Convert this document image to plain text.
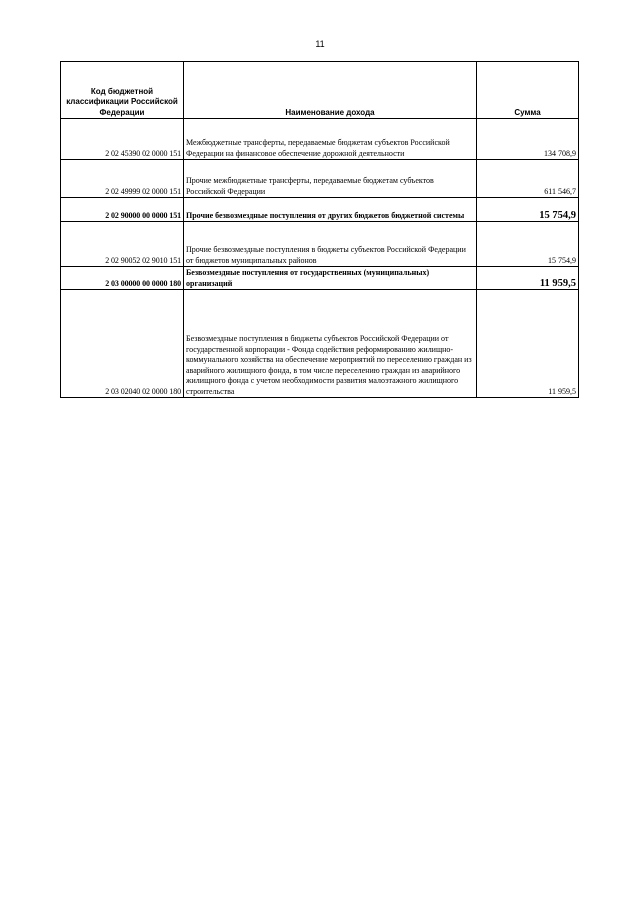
11
Код бюджетной классификации Российской Федерации	Наименование дохода	Сумма
2 02 45390 02 0000 151	Межбюджетные трансферты, передаваемые бюджетам субъектов Российской Федерации на финансовое обеспечение дорожной деятельности	134 708,9
2 02 49999 02 0000 151	Прочие межбюджетные трансферты, передаваемые бюджетам субъектов Российской Федерации	611 546,7
2 02 90000 00 0000 151	Прочие безвозмездные поступления от других бюджетов бюджетной системы	15 754,9
2 02 90052 02 9010 151	Прочие безвозмездные поступления в бюджеты субъектов Российской Федерации от бюджетов муниципальных районов	15 754,9
2 03 00000 00 0000 180	Безвозмездные поступления от государственных (муниципальных) организаций	11 959,5
2 03 02040 02 0000 180	Безвозмездные поступления в бюджеты субъектов Российской Федерации от государственной корпорации - Фонда содействия реформированию жилищно-коммунального хозяйства на обеспечение мероприятий по переселению граждан из аварийного жилищного фонда, в том числе переселению граждан из аварийного жилищного фонда с учетом необходимости развития малоэтажного жилищного строительства	11 959,5
